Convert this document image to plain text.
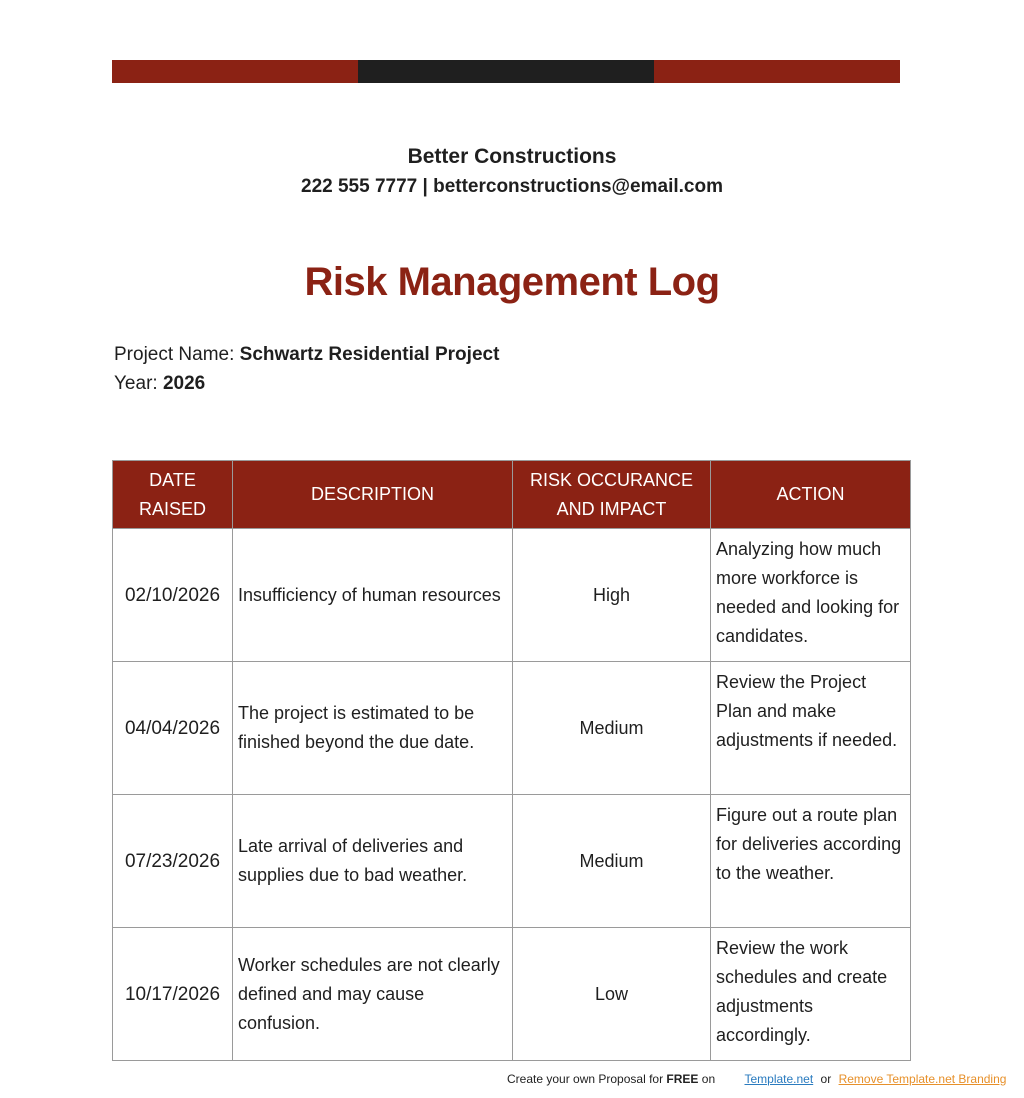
Better Constructions
222 555 7777 | betterconstructions@email.com
Risk Management Log
Project Name: Schwartz Residential Project
Year: 2026
DATE RAISED	DESCRIPTION	RISK OCCURANCE AND IMPACT	ACTION
02/10/2026	Insufficiency of human resources	High	Analyzing how much more workforce is needed and looking for candidates.
04/04/2026	The project is estimated to be finished beyond the due date.	Medium	Review the Project Plan and make adjustments if needed.
07/23/2026	Late arrival of deliveries and supplies due to bad weather.	Medium	Figure out a route plan for deliveries according to the weather.
10/17/2026	Worker schedules are not clearly defined and may cause confusion.	Low	Review the work schedules and create adjustments accordingly.
Create your own Proposal for FREE on Template.net or Remove Template.net Branding
